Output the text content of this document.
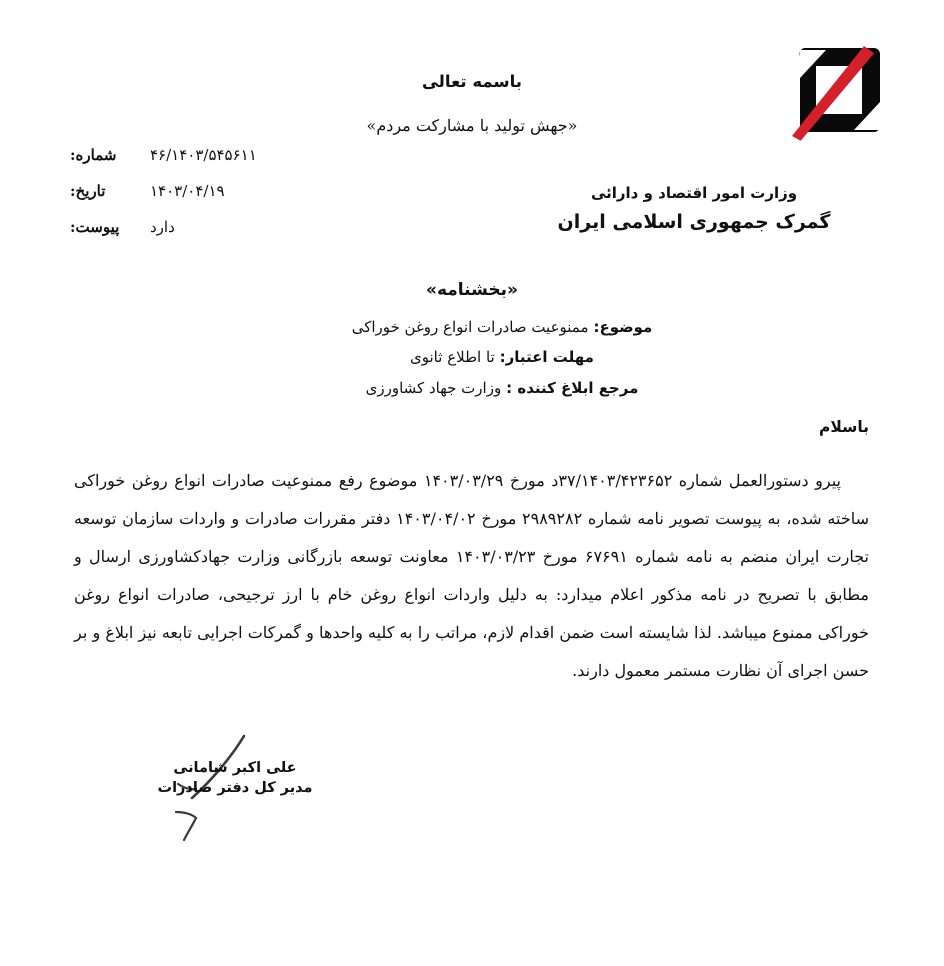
باسمه تعالی
«جهش تولید با مشارکت مردم»
وزارت امور اقتصاد و دارائی
گمرک جمهوری اسلامی ایران
شماره:	۴۶/۱۴۰۳/۵۴۵۶۱۱
تاریخ:	۱۴۰۳/۰۴/۱۹
پیوست:	دارد
«بخشنامه»
موضوع: ممنوعیت صادرات انواع روغن خوراکی
مهلت اعتبار: تا اطلاع ثانوی
مرجع ابلاغ کننده : وزارت جهاد کشاورزی
باسلام
پیرو دستورالعمل شماره ۳۷/۱۴۰۳/۴۲۳۶۵۲د مورخ ۱۴۰۳/۰۳/۲۹ موضوع رفع ممنوعیت صادرات انواع روغن خوراکی ساخته شده، به پیوست تصویر نامه شماره ۲۹۸۹۲۸۲ مورخ ۱۴۰۳/۰۴/۰۲ دفتر مقررات صادرات و واردات سازمان توسعه تجارت ایران منضم به نامه شماره ۶۷۶۹۱ مورخ ۱۴۰۳/۰۳/۲۳ معاونت توسعه بازرگانی وزارت جهادکشاورزی ارسال و مطابق با تصریح در نامه مذکور اعلام میدارد: به دلیل واردات انواع روغن خام با ارز ترجیحی، صادرات انواع روغن خوراکی ممنوع میباشد. لذا شایسته است ضمن اقدام لازم، مراتب را به کلیه واحدها و گمرکات اجرایی تابعه نیز ابلاغ و بر حسن اجرای آن نظارت مستمر معمول دارند.
علی اکبر شامانی
مدیر کل دفتر صادرات
